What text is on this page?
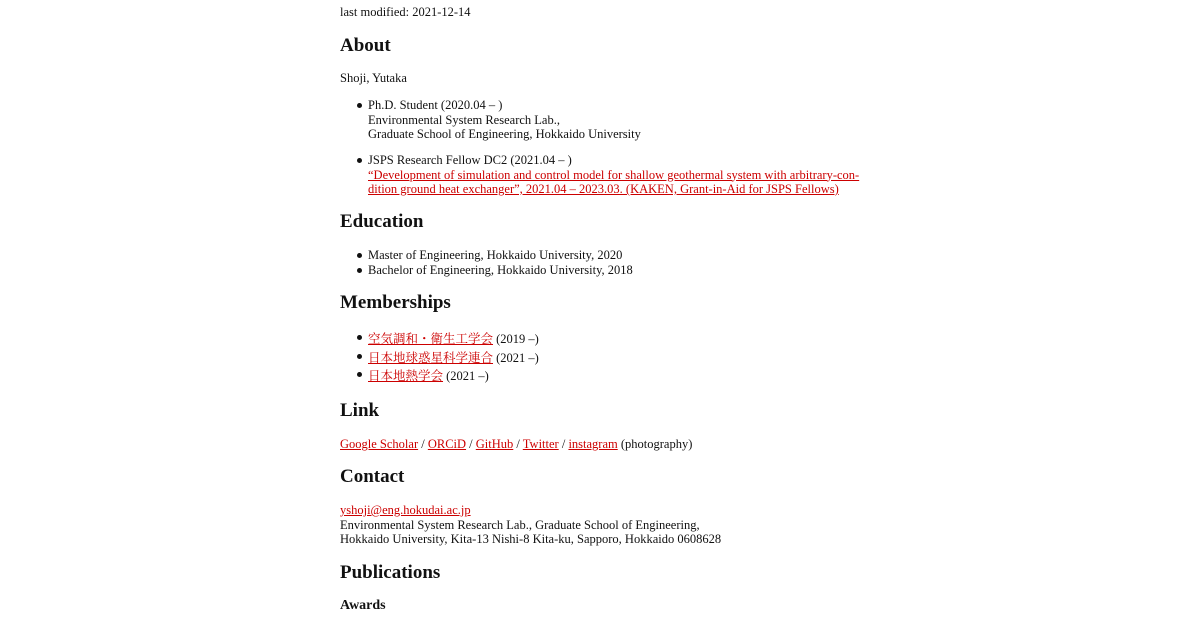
last modified: 2021-12-14
About
Shoji, Yutaka
Ph.D. Student (2020.04 – )
Environmental System Research Lab.,
Graduate School of Engineering, Hokkaido University
JSPS Research Fellow DC2 (2021.04 – )
“Development of simulation and control model for shallow geothermal system with arbitrary-con-
dition ground heat exchanger”, 2021.04 – 2023.03. (KAKEN, Grant-in-Aid for JSPS Fellows)
Education
Master of Engineering, Hokkaido University, 2020
Bachelor of Engineering, Hokkaido University, 2018
Memberships
空気調和・衛生工学会 (2019 –)
日本地球惑星科学連合 (2021 –)
日本地熱学会 (2021 –)
Link
Google Scholar / ORCiD / GitHub / Twitter / instagram (photography)
Contact
yshoji@eng.hokudai.ac.jp
Environmental System Research Lab., Graduate School of Engineering,
Hokkaido University, Kita-13 Nishi-8 Kita-ku, Sapporo, Hokkaido 0608628
Publications
Awards
